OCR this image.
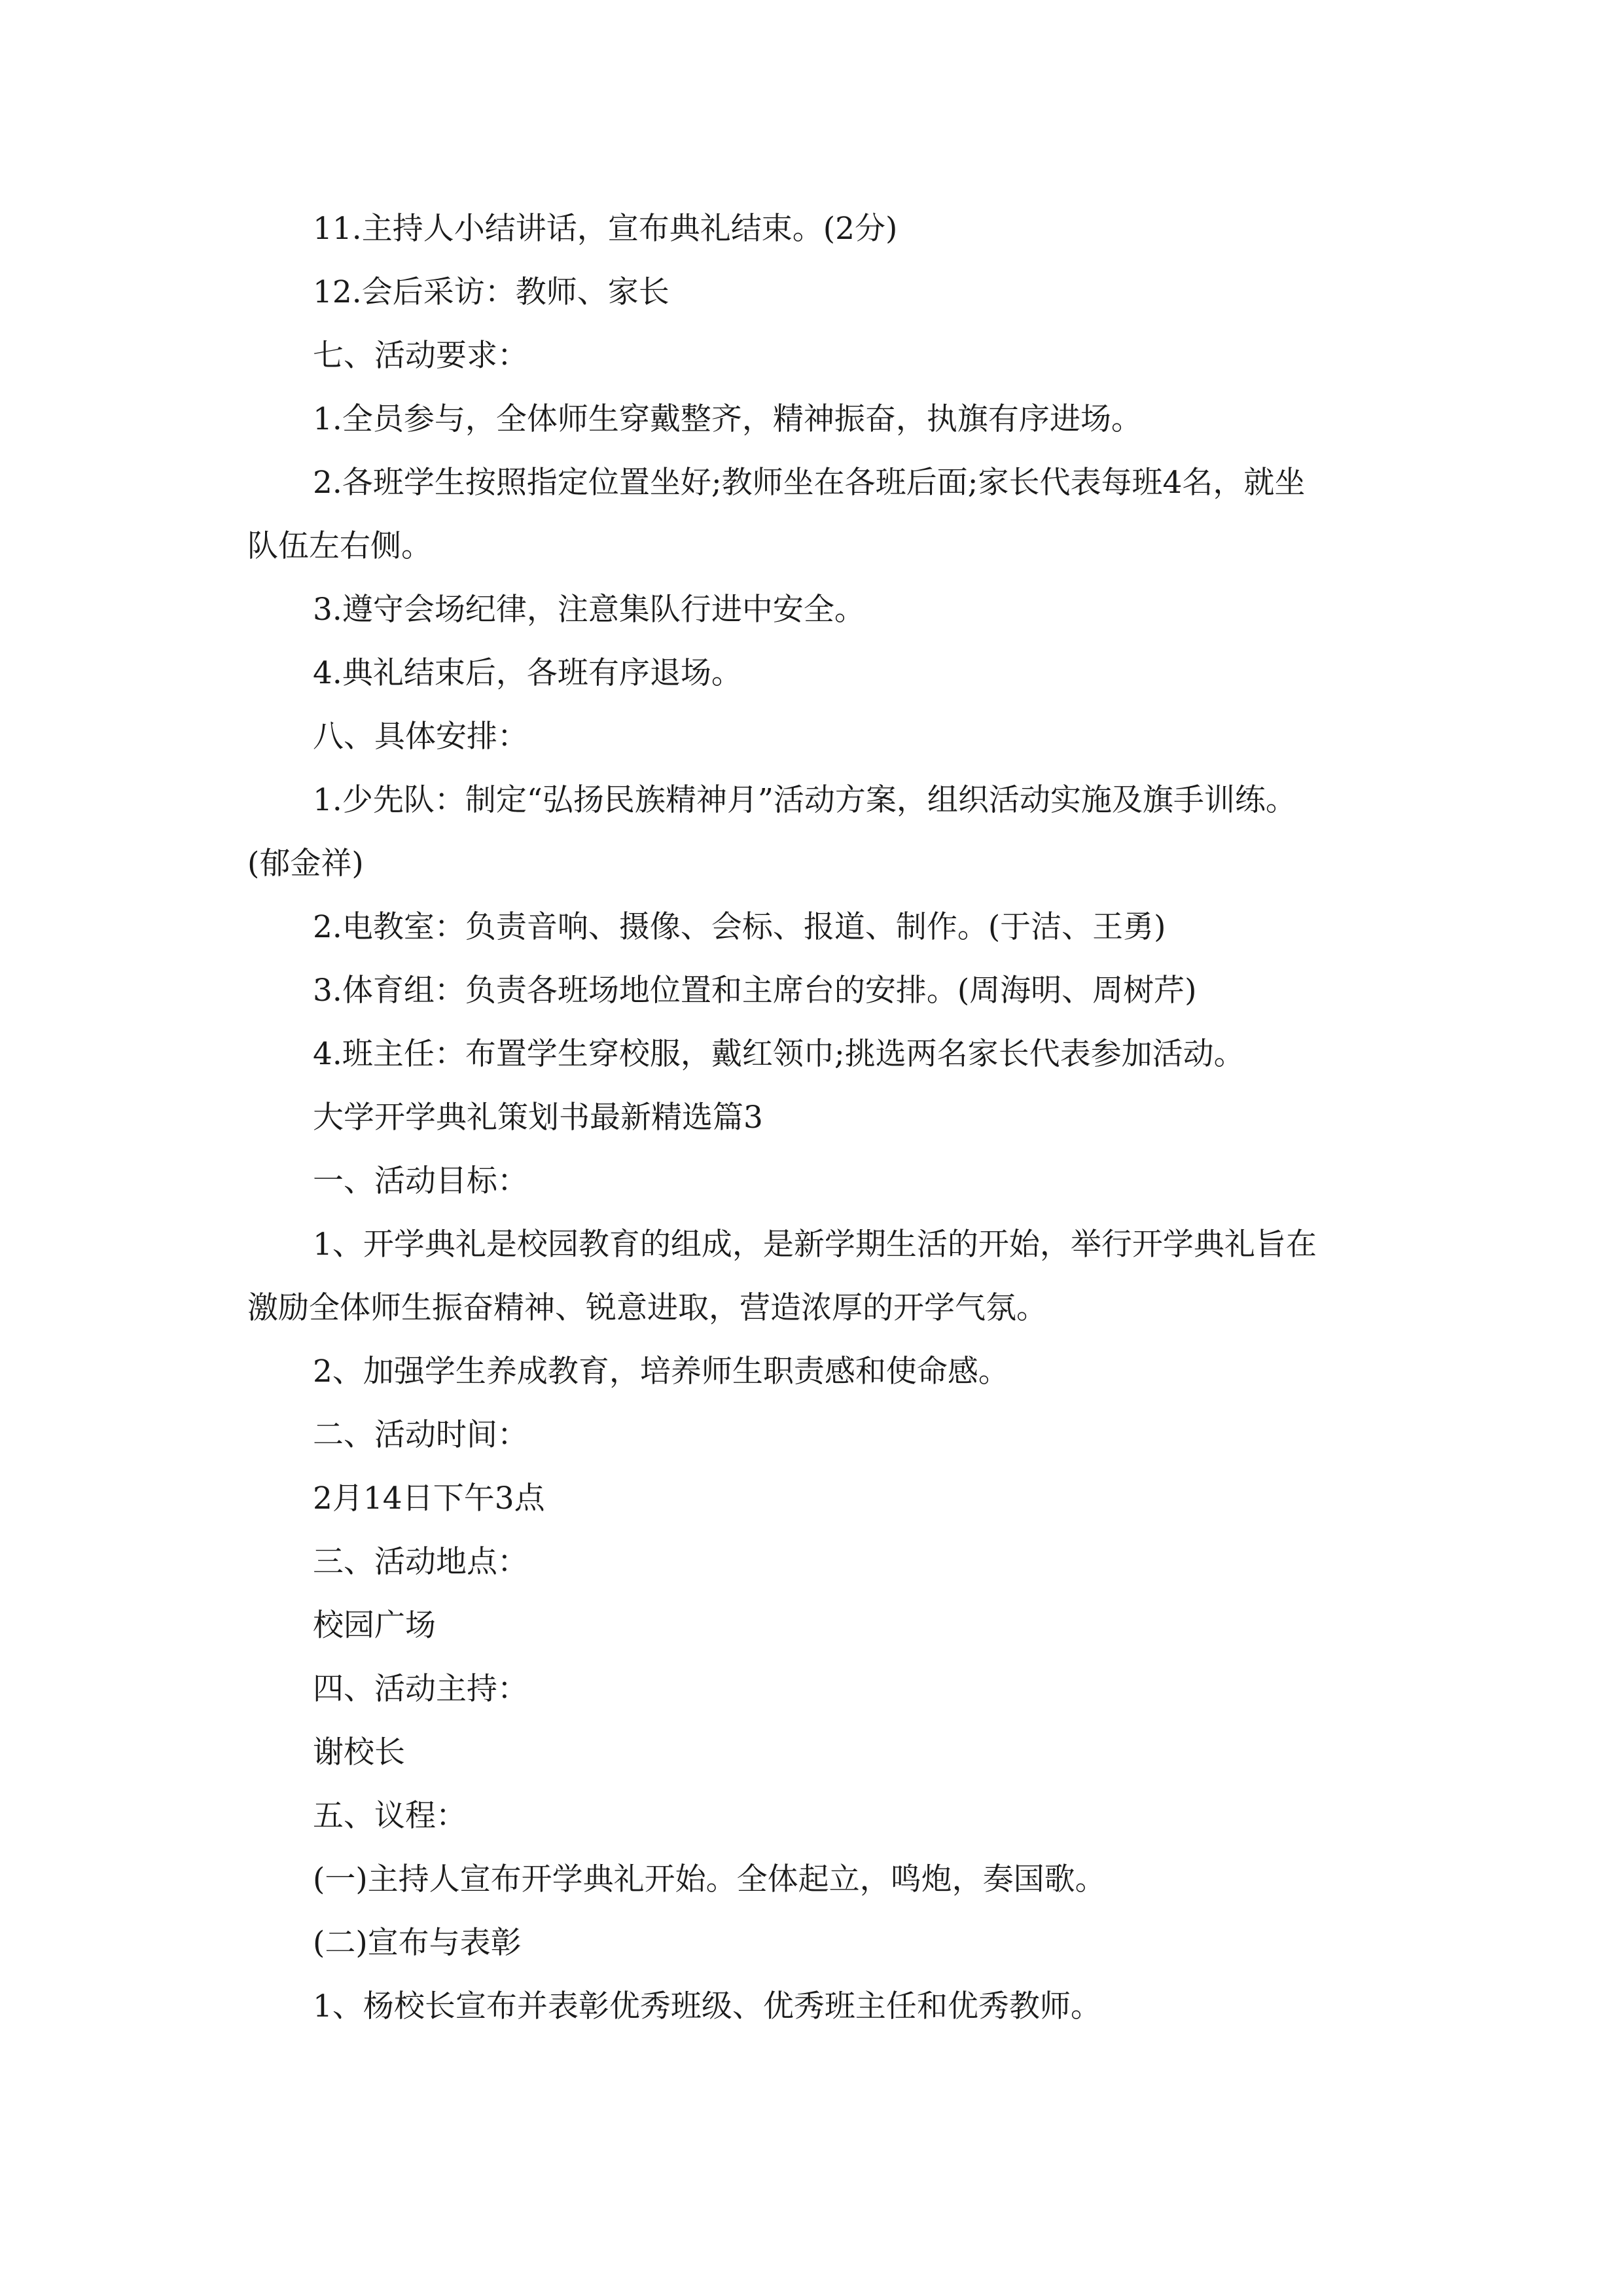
11.主持人小结讲话，宣布典礼结束。(2分)
12.会后采访：教师、家长
七、活动要求：
1.全员参与，全体师生穿戴整齐，精神振奋，执旗有序进场。
2.各班学生按照指定位置坐好;教师坐在各班后面;家长代表每班4名，就坐
队伍左右侧。
3.遵守会场纪律，注意集队行进中安全。
4.典礼结束后，各班有序退场。
八、具体安排：
1.少先队：制定“弘扬民族精神月”活动方案，组织活动实施及旗手训练。
(郁金祥)
2.电教室：负责音响、摄像、会标、报道、制作。(于洁、王勇)
3.体育组：负责各班场地位置和主席台的安排。(周海明、周树芹)
4.班主任：布置学生穿校服，戴红领巾;挑选两名家长代表参加活动。
大学开学典礼策划书最新精选篇3
一、活动目标：
1、开学典礼是校园教育的组成，是新学期生活的开始，举行开学典礼旨在
激励全体师生振奋精神、锐意进取，营造浓厚的开学气氛。
2、加强学生养成教育，培养师生职责感和使命感。
二、活动时间：
2月14日下午3点
三、活动地点：
校园广场
四、活动主持：
谢校长
五、议程：
(一)主持人宣布开学典礼开始。全体起立，鸣炮，奏国歌。
(二)宣布与表彰
1、杨校长宣布并表彰优秀班级、优秀班主任和优秀教师。
